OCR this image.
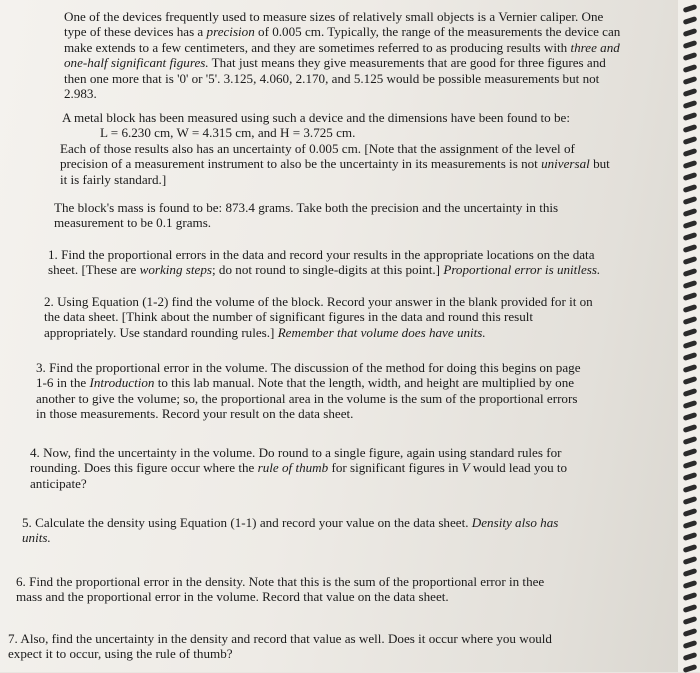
One of the devices frequently used to measure sizes of relatively small objects is a Vernier caliper. One

type of these devices has a precision of 0.005 cm. Typically, the range of the measurements the device can

make extends to a few centimeters, and they are sometimes referred to as producing results with three and

one-half significant figures. That just means they give measurements that are good for three figures and

then one more that is '0' or '5'. 3.125, 4.060, 2.170, and 5.125 would be possible measurements but not

2.983.

A metal block has been measured using such a device and the dimensions have been found to be:

L = 6.230 cm, W = 4.315 cm, and H = 3.725 cm.

Each of those results also has an uncertainty of 0.005 cm. [Note that the assignment of the level of

precision of a measurement instrument to also be the uncertainty in its measurements is not universal but

it is fairly standard.]

The block's mass is found to be: 873.4 grams. Take both the precision and the uncertainty in this

measurement to be 0.1 grams.

1. Find the proportional errors in the data and record your results in the appropriate locations on the data

sheet. [These are working steps; do not round to single-digits at this point.] Proportional error is unitless.

2. Using Equation (1-2) find the volume of the block. Record your answer in the blank provided for it on

the data sheet. [Think about the number of significant figures in the data and round this result

appropriately. Use standard rounding rules.] Remember that volume does have units.

3. Find the proportional error in the volume. The discussion of the method for doing this begins on page

1-6 in the Introduction to this lab manual. Note that the length, width, and height are multiplied by one

another to give the volume; so, the proportional area in the volume is the sum of the proportional errors

in those measurements. Record your result on the data sheet.

4. Now, find the uncertainty in the volume. Do round to a single figure, again using standard rules for

rounding. Does this figure occur where the rule of thumb for significant figures in V would lead you to

anticipate?

5. Calculate the density using Equation (1-1) and record your value on the data sheet. Density also has

units.

6. Find the proportional error in the density. Note that this is the sum of the proportional error in thee

mass and the proportional error in the volume. Record that value on the data sheet.

7. Also, find the uncertainty in the density and record that value as well. Does it occur where you would

expect it to occur, using the rule of thumb?
